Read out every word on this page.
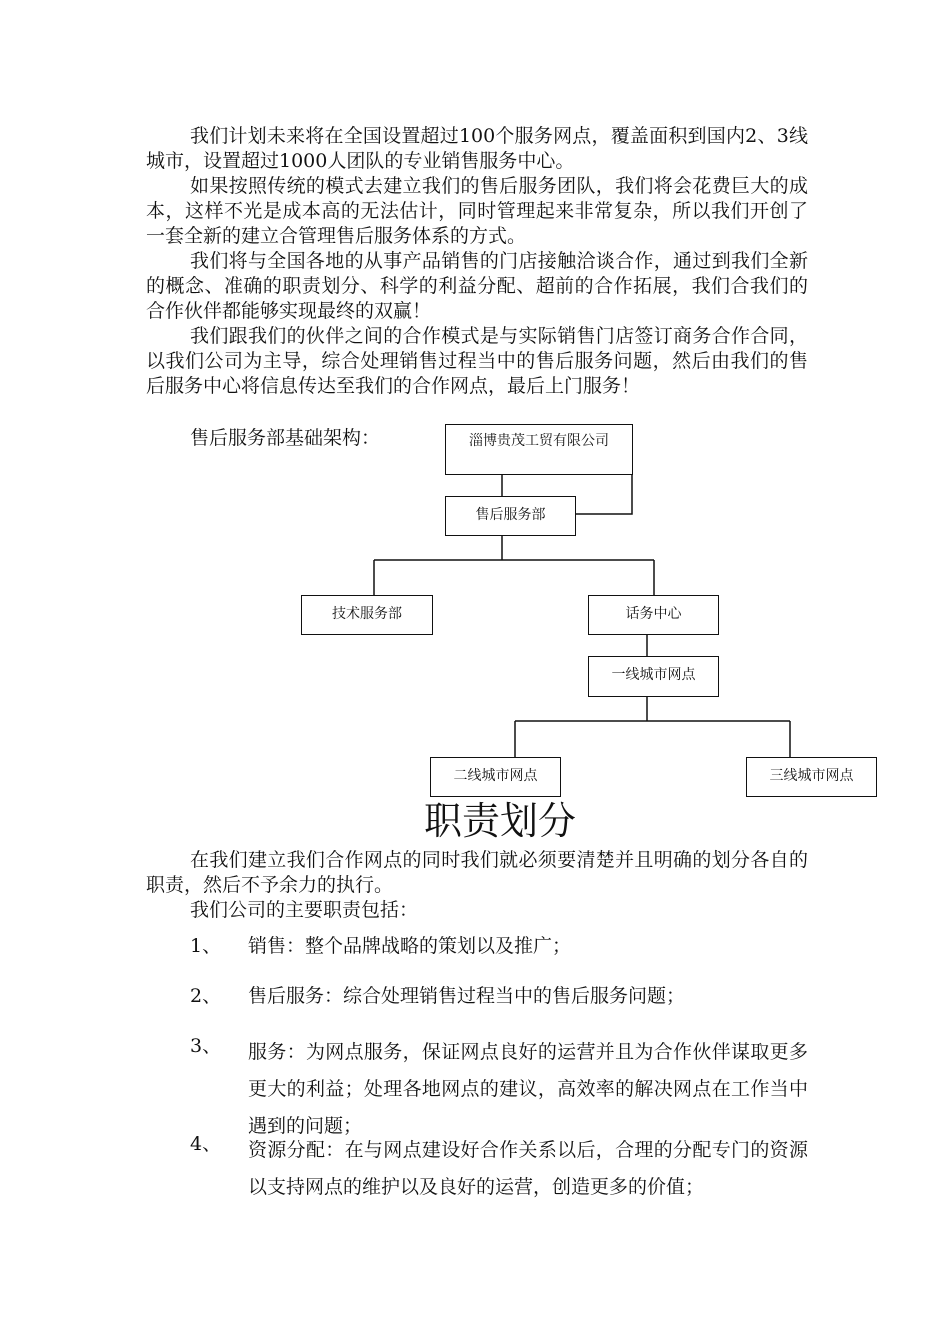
我们计划未来将在全国设置超过100个服务网点，覆盖面积到国内2、3线城市，设置超过1000人团队的专业销售服务中心。

如果按照传统的模式去建立我们的售后服务团队，我们将会花费巨大的成本，这样不光是成本高的无法估计，同时管理起来非常复杂，所以我们开创了一套全新的建立合管理售后服务体系的方式。

我们将与全国各地的从事产品销售的门店接触洽谈合作，通过到我们全新的概念、准确的职责划分、科学的利益分配、超前的合作拓展，我们合我们的合作伙伴都能够实现最终的双赢！

我们跟我们的伙伴之间的合作模式是与实际销售门店签订商务合作合同，以我们公司为主导，综合处理销售过程当中的售后服务问题，然后由我们的售后服务中心将信息传达至我们的合作网点，最后上门服务！

售后服务部基础架构：	淄博贵茂工贸有限公司
售后服务部
技术服务部	话务中心
一线城市网点
二线城市网点	三线城市网点
职责划分

在我们建立我们合作网点的同时我们就必须要清楚并且明确的划分各自的职责，然后不予余力的执行。

我们公司的主要职责包括：

1、 销售：整个品牌战略的策划以及推广；

2、 售后服务：综合处理销售过程当中的售后服务问题；

3、 服务：为网点服务，保证网点良好的运营并且为合作伙伴谋取更多更大的利益；处理各地网点的建议，高效率的解决网点在工作当中遇到的问题；

4、 资源分配：在与网点建设好合作关系以后，合理的分配专门的资源以支持网点的维护以及良好的运营，创造更多的价值；
